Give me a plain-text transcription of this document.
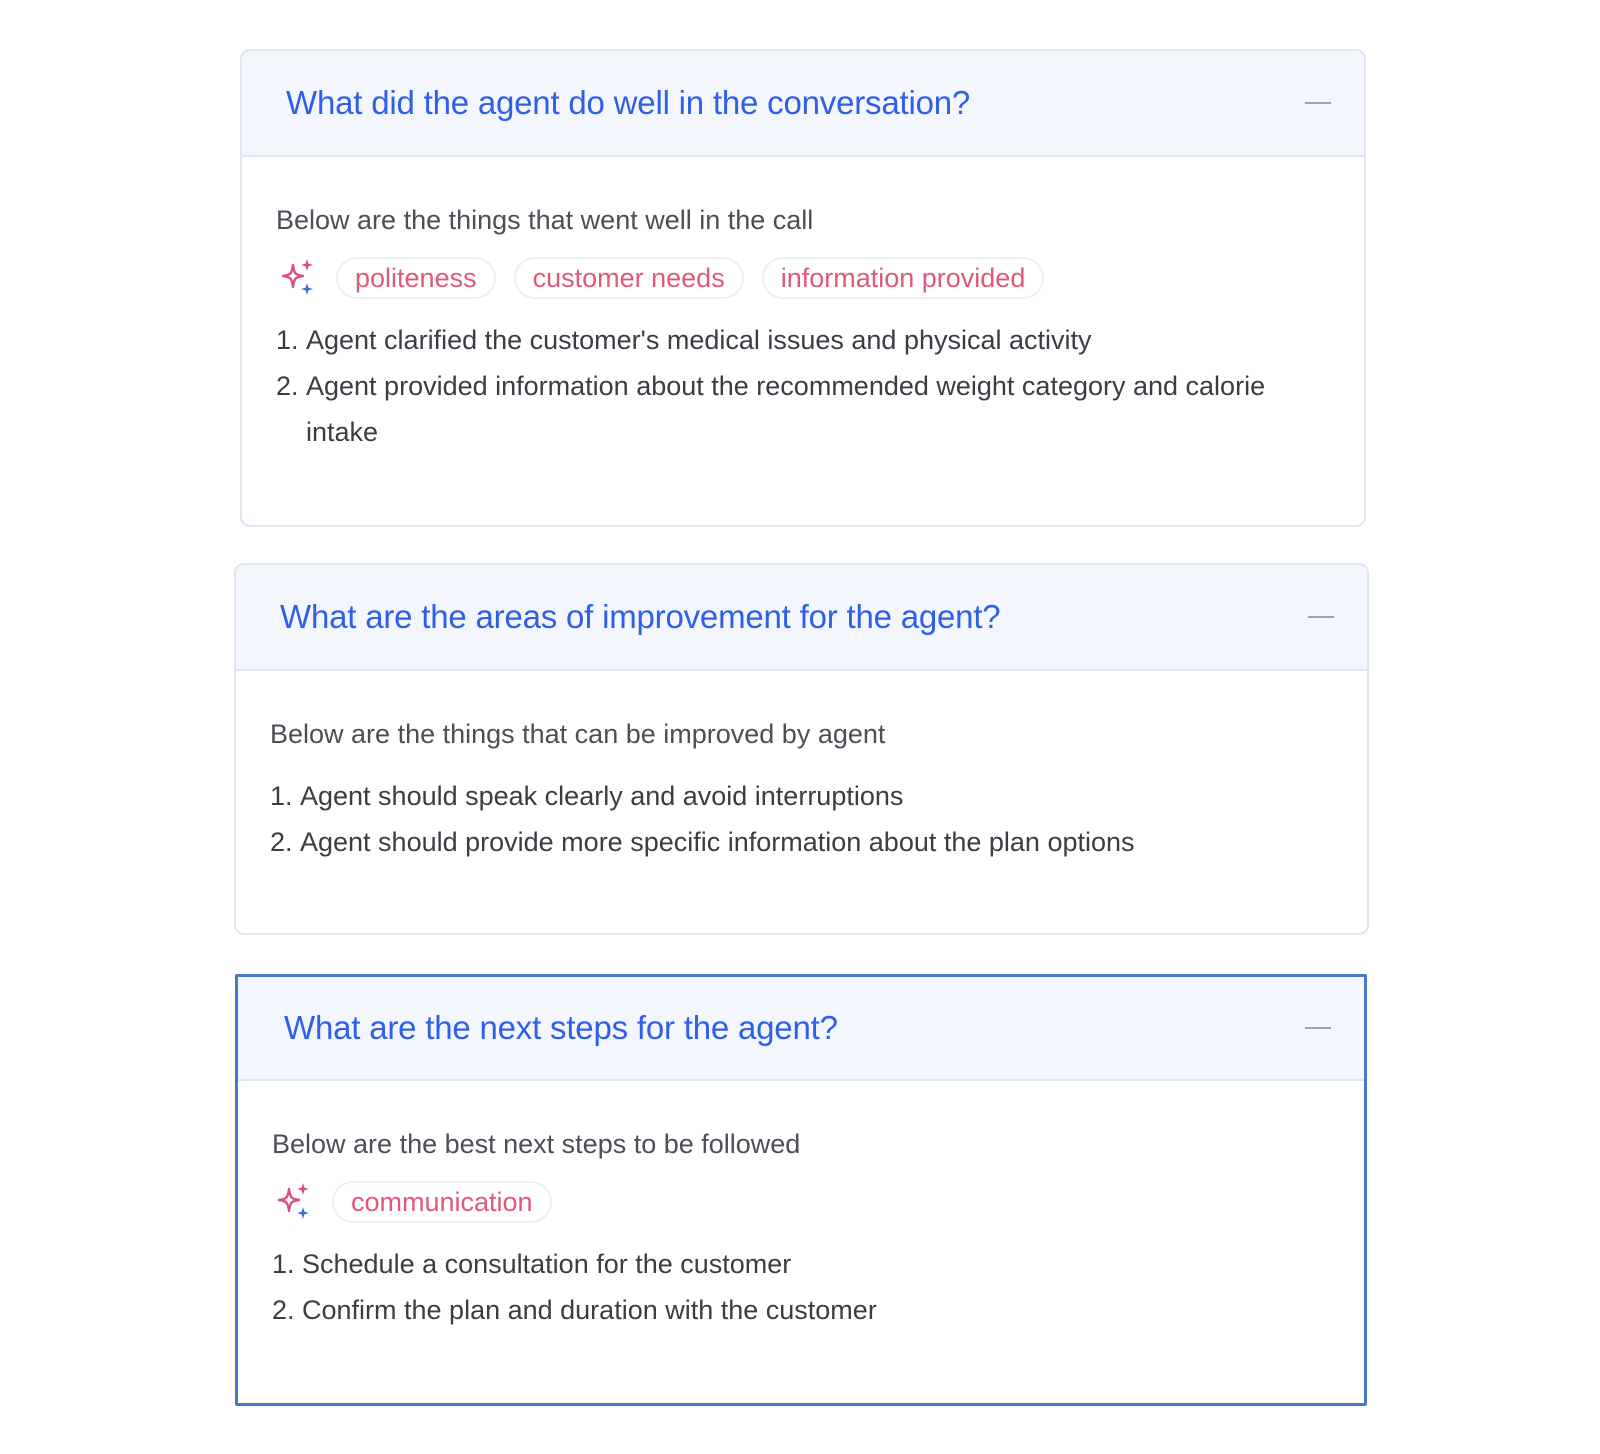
What did the agent do well in the conversation?

Below are the things that went well in the call

politeness	customer needs	information provided
1. Agent clarified the customer's medical issues and physical activity
2. Agent provided information about the recommended weight category and calorie intake
What are the areas of improvement for the agent?

Below are the things that can be improved by agent

1. Agent should speak clearly and avoid interruptions
2. Agent should provide more specific information about the plan options
What are the next steps for the agent?

Below are the best next steps to be followed

communication
1. Schedule a consultation for the customer
2. Confirm the plan and duration with the customer
